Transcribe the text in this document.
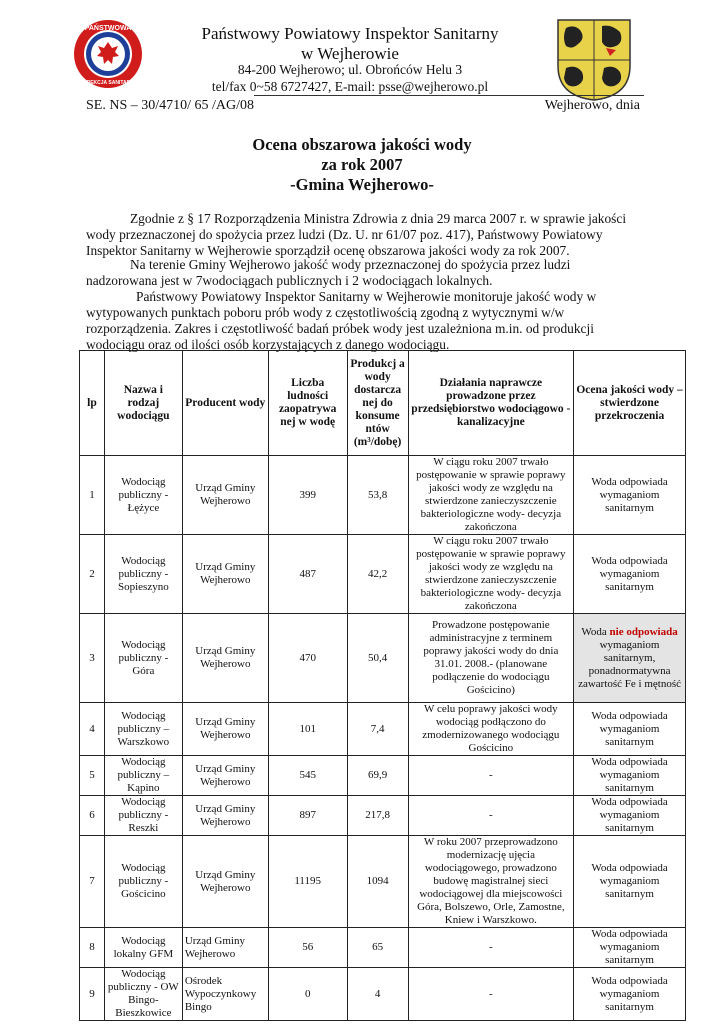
PAŃSTWOWA
INSPEKCJA SANITARNA
Państwowy Powiatowy Inspektor Sanitarny
w Wejherowie
84-200 Wejherowo; ul. Obrońców Helu 3
tel/fax 0~58 6727427, E-mail: psse@wejherowo.pl
SE. NS – 30/4710/ 65 /AG/08	Wejherowo, dnia
Ocena obszarowa jakości wody
za rok 2007
-Gmina Wejherowo-
Zgodnie z § 17 Rozporządzenia Ministra Zdrowia z dnia 29 marca 2007 r. w sprawie jakości
wody przeznaczonej do spożycia przez ludzi (Dz. U. nr 61/07 poz. 417), Państwowy Powiatowy
Inspektor Sanitarny w Wejherowie sporządził ocenę obszarowa jakości wody za rok 2007.
Na terenie Gminy Wejherowo jakość wody przeznaczonej do spożycia przez ludzi
nadzorowana jest w 7wodociągach publicznych i 2 wodociągach lokalnych.
Państwowy Powiatowy Inspektor Sanitarny w Wejherowie monitoruje jakość wody w
wytypowanych punktach poboru prób wody z częstotliwością zgodną z wytycznymi w/w
rozporządzenia. Zakres i częstotliwość badań próbek wody jest uzależniona m.in. od produkcji
wodociągu oraz od ilości osób korzystających z danego wodociągu.
lp	Nazwa i rodzaj wodociągu	Producent wody	Liczba ludności zaopatrywa nej w wodę	Produkcj a wody dostarcza nej do konsume ntów
(m³/dobę)	Działania naprawcze prowadzone przez przedsiębiorstwo wodociągowo - kanalizacyjne	Ocena jakości wody – stwierdzone przekroczenia
1	Wodociąg publiczny - Łężyce	Urząd Gminy Wejherowo	399	53,8	W ciągu roku 2007 trwało postępowanie w sprawie poprawy jakości wody ze względu na stwierdzone zanieczyszczenie bakteriologiczne wody- decyzja zakończona	Woda odpowiada wymaganiom sanitarnym
2	Wodociąg publiczny - Sopieszyno	Urząd Gminy Wejherowo	487	42,2	W ciągu roku 2007 trwało postępowanie w sprawie poprawy jakości wody ze względu na stwierdzone zanieczyszczenie bakteriologiczne wody- decyzja zakończona	Woda odpowiada wymaganiom sanitarnym
3	Wodociąg publiczny - Góra	Urząd Gminy Wejherowo	470	50,4	Prowadzone postępowanie administracyjne z terminem poprawy jakości wody do dnia 31.01. 2008.- (planowane podłączenie do wodociągu Gościcino)	Woda nie odpowiada wymaganiom sanitarnym, ponadnormatywna zawartość Fe i mętność
4	Wodociąg publiczny – Warszkowo	Urząd Gminy Wejherowo	101	7,4	W celu poprawy jakości wody wodociąg podłączono do zmodernizowanego wodociągu Gościcino	Woda odpowiada wymaganiom sanitarnym
5	Wodociąg publiczny – Kąpino	Urząd Gminy Wejherowo	545	69,9	-	Woda odpowiada wymaganiom sanitarnym
6	Wodociąg publiczny - Reszki	Urząd Gminy Wejherowo	897	217,8	-	Woda odpowiada wymaganiom sanitarnym
7	Wodociąg publiczny - Gościcino	Urząd Gminy Wejherowo	11195	1094	W roku 2007 przeprowadzono modernizację ujęcia wodociągowego, prowadzono budowę magistralnej sieci wodociągowej dla miejscowości Góra, Bolszewo, Orle, Zamostne, Kniew i Warszkowo.	Woda odpowiada wymaganiom sanitarnym
8	Wodociąg lokalny GFM	Urząd Gminy Wejherowo	56	65	-	Woda odpowiada wymaganiom sanitarnym
9	Wodociąg publiczny - OW Bingo-Bieszkowice	Ośrodek Wypoczynkowy Bingo	0	4	-	Woda odpowiada wymaganiom sanitarnym
